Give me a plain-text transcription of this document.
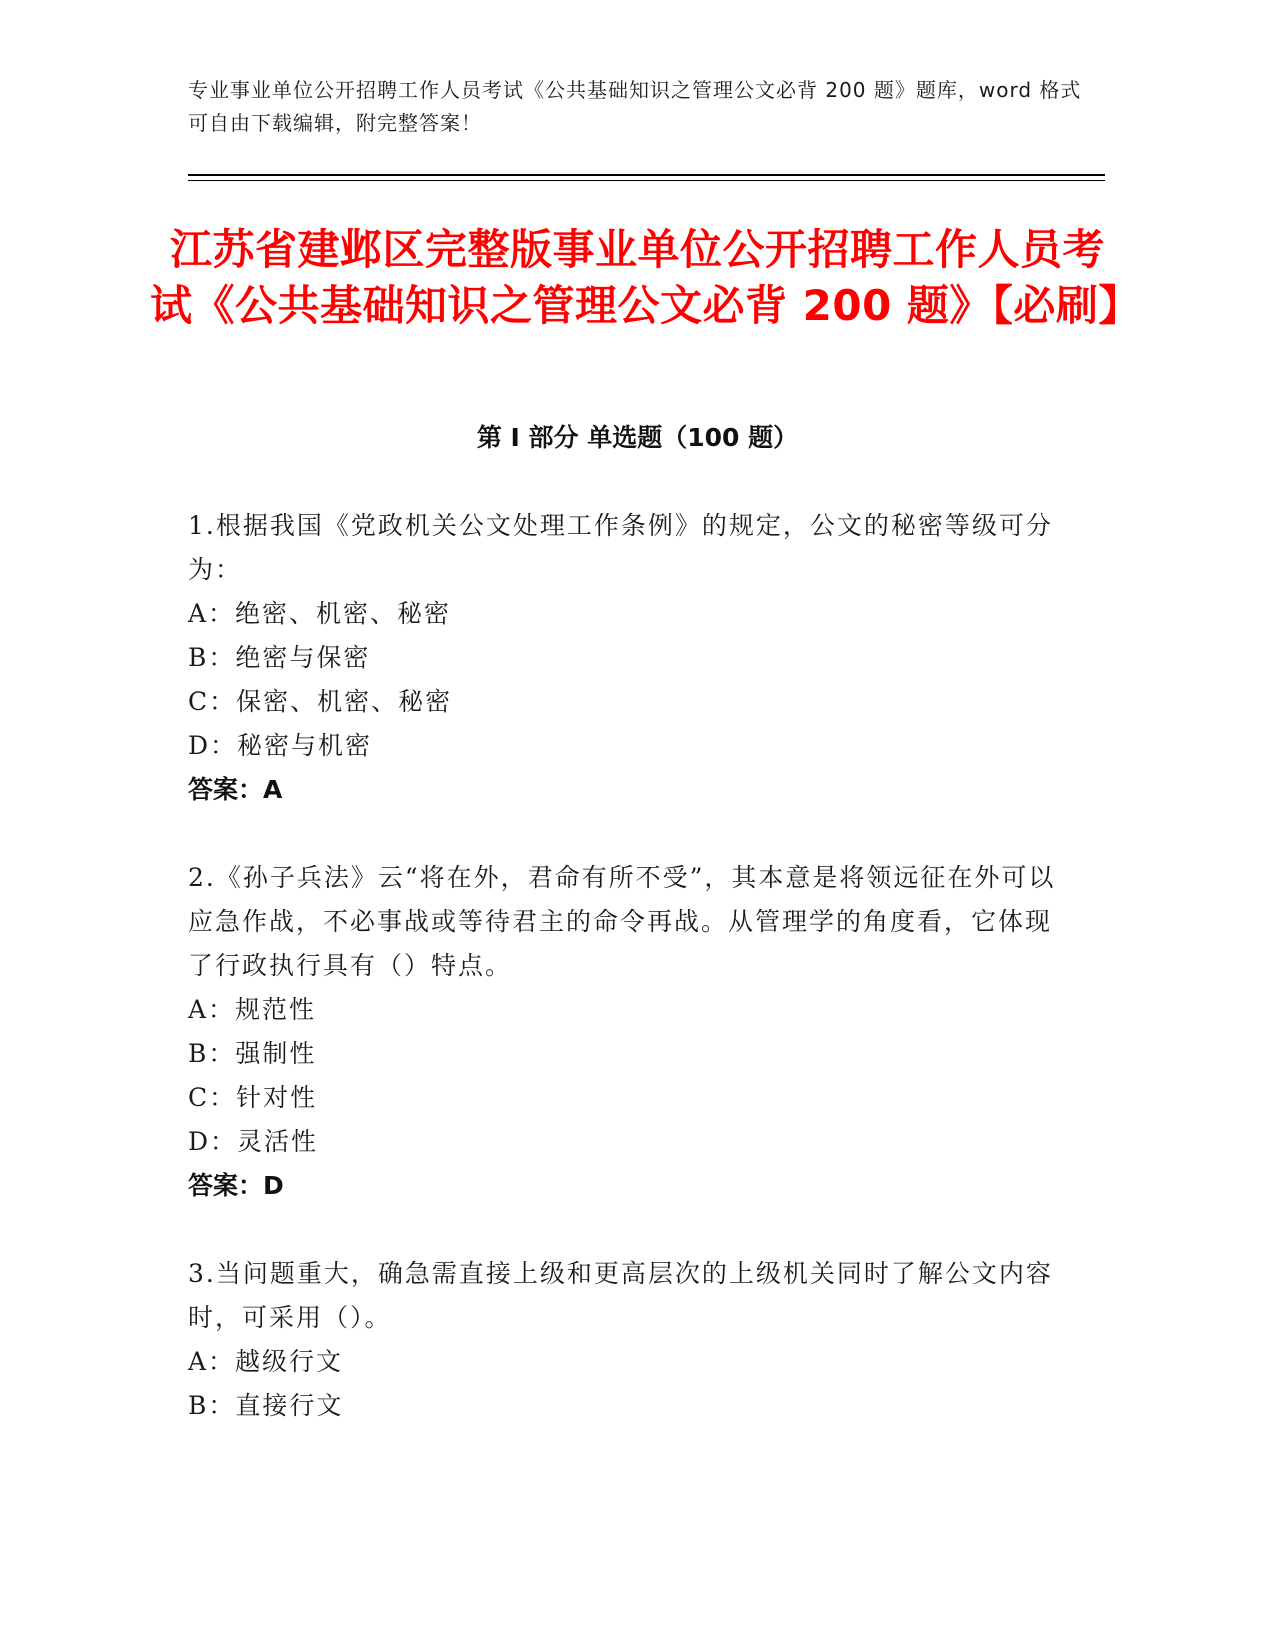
专业事业单位公开招聘工作人员考试《公共基础知识之管理公文必背 200 题》题库，word 格式可自由下载编辑，附完整答案！
江苏省建邺区完整版事业单位公开招聘工作人员考试《公共基础知识之管理公文必背 200 题》【必刷】
第 I 部分 单选题（100 题）

1.根据我国《党政机关公文处理工作条例》的规定，公文的秘密等级可分为：

A：绝密、机密、秘密

B：绝密与保密

C：保密、机密、秘密

D：秘密与机密

答案：A

2.《孙子兵法》云“将在外，君命有所不受”，其本意是将领远征在外可以应急作战，不必事战或等待君主的命令再战。从管理学的角度看，它体现了行政执行具有（）特点。

A：规范性

B：强制性

C：针对性

D：灵活性

答案：D

3.当问题重大，确急需直接上级和更高层次的上级机关同时了解公文内容时，可采用（）。

A：越级行文

B：直接行文
